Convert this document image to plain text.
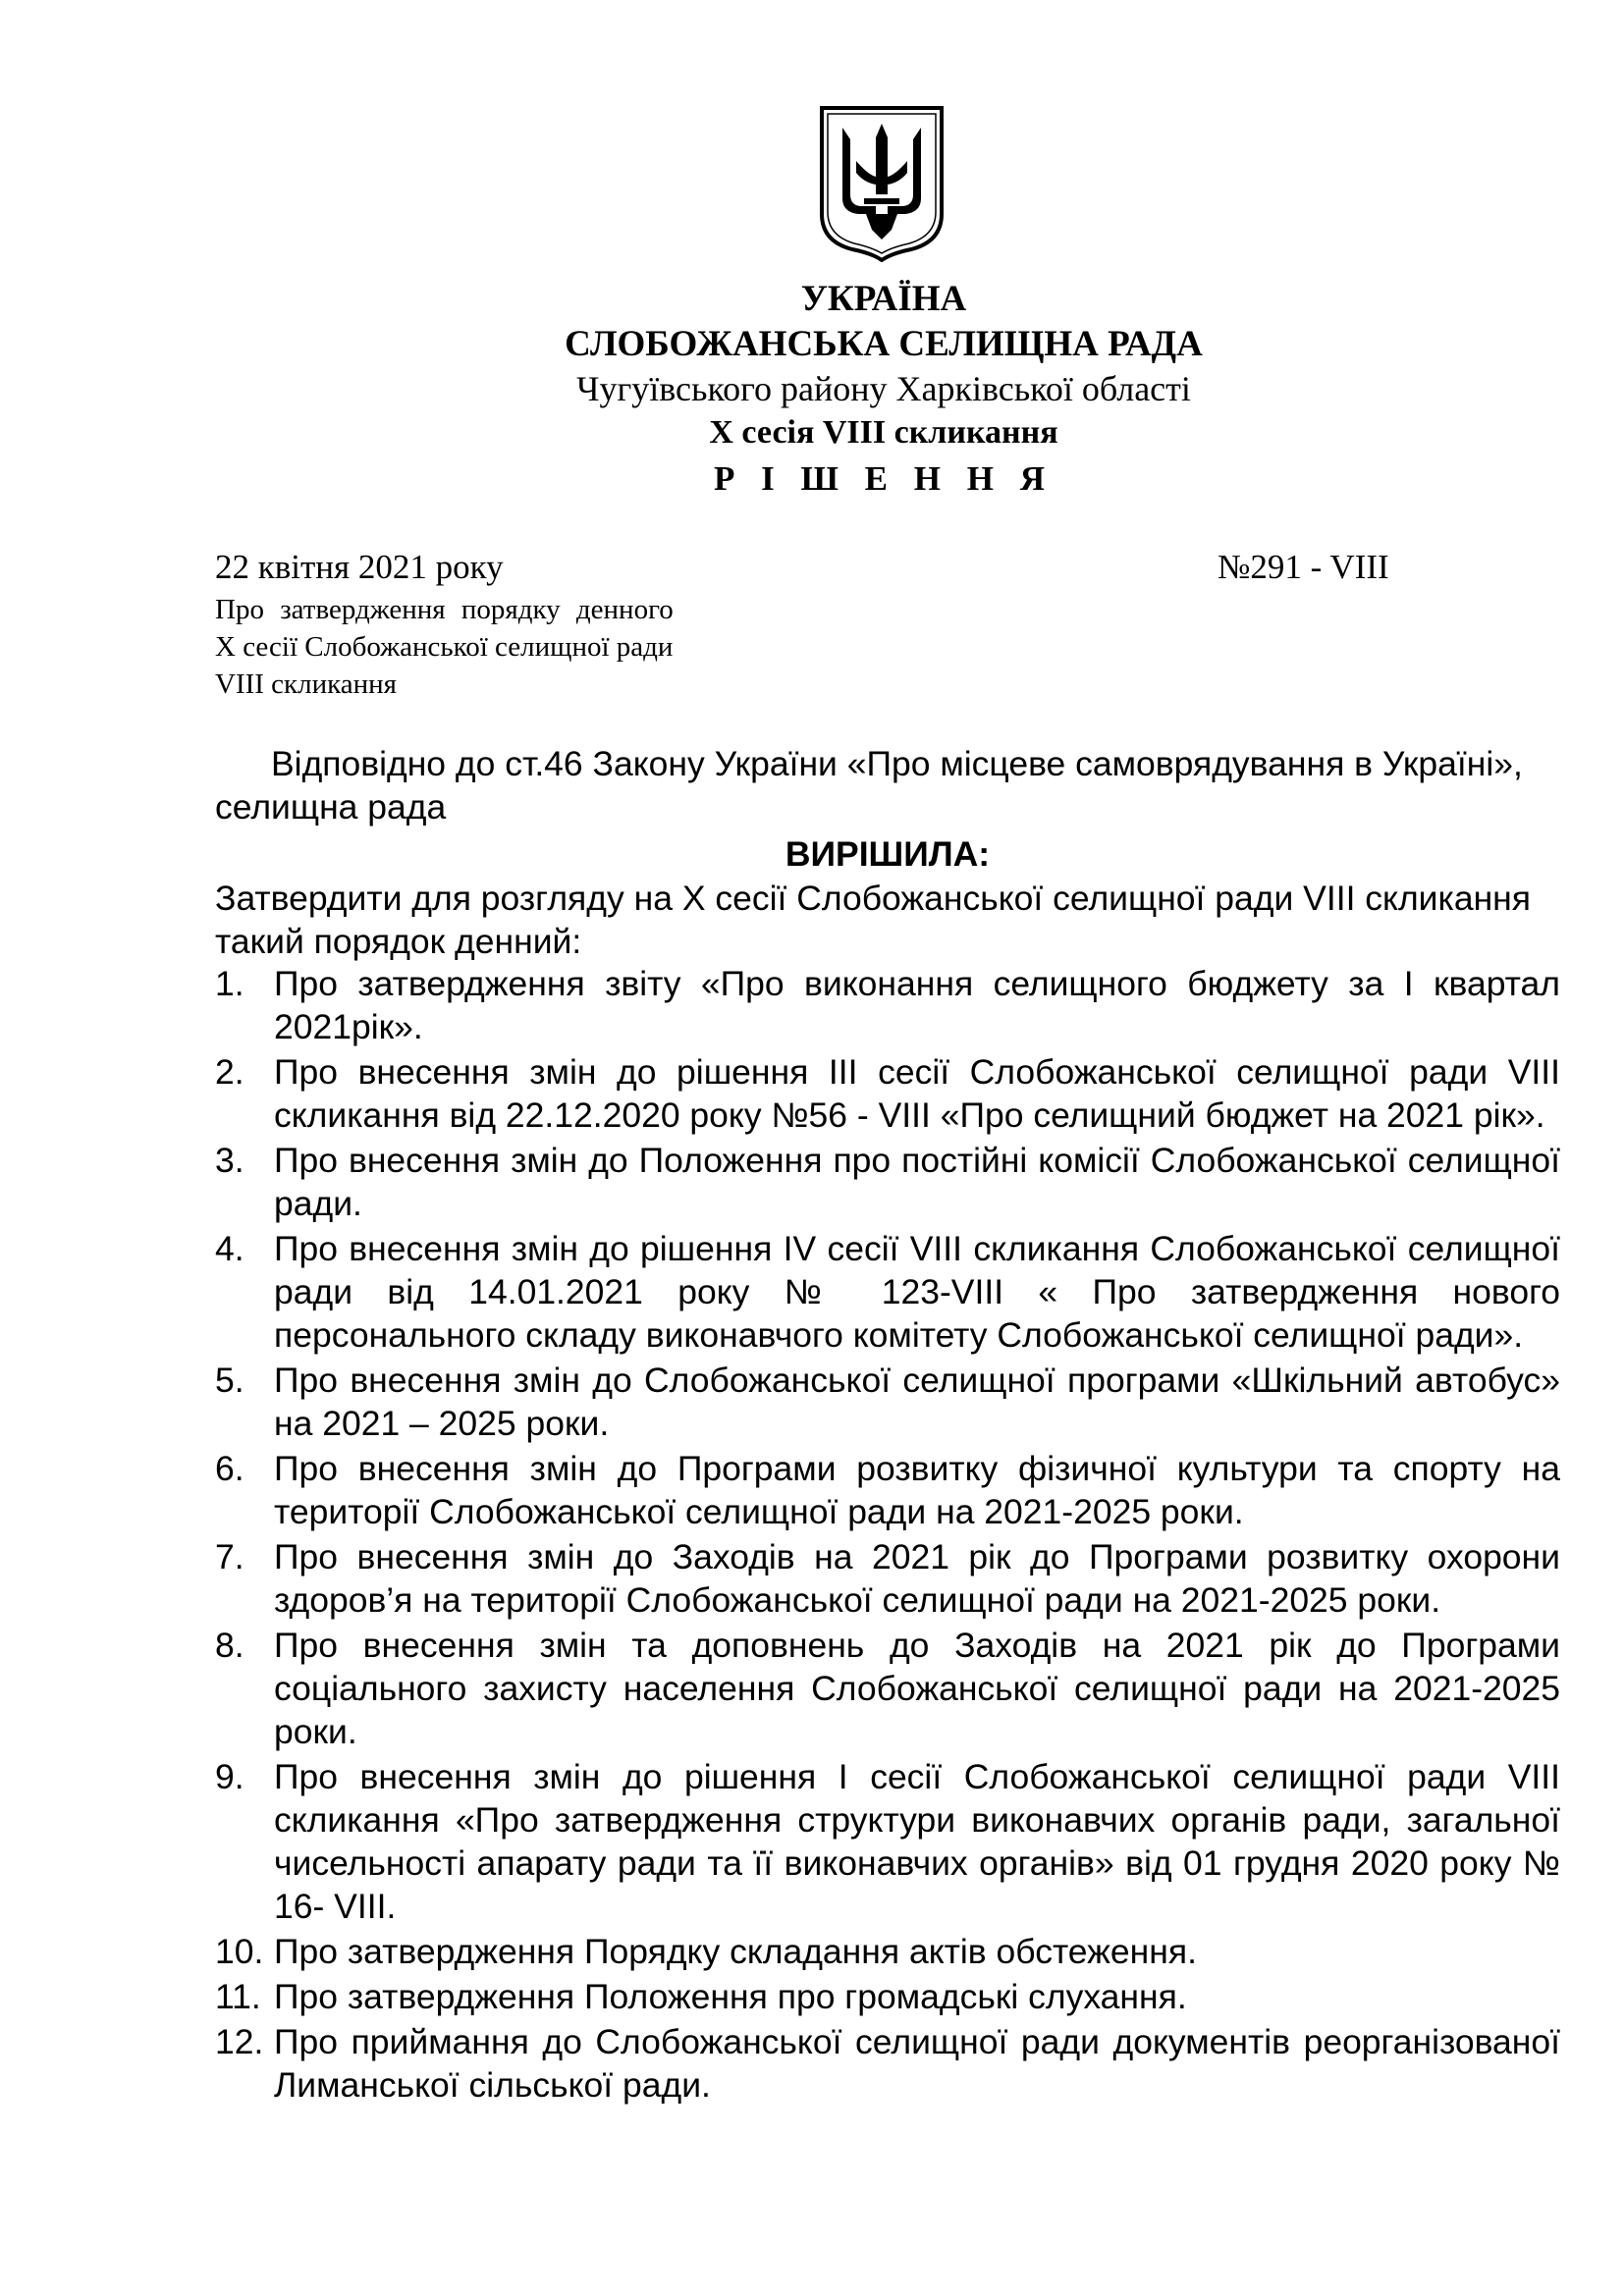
УКРАЇНА
СЛОБОЖАНСЬКА СЕЛИЩНА РАДА
Чугуївського району Харківської області
X сесія VIII скликання
Р І Ш Е Н Н Я
22 квітня 2021 року	№291 - VIII
Про затвердження порядку денного
X сесії Слобожанської селищної ради
VIII скликання
Відповідно до ст.46 Закону України «Про місцеве самоврядування в Україні», селищна рада
ВИРІШИЛА:
Затвердити для розгляду на X сесії Слобожанської селищної ради VIII скликання такий порядок денний:
1. Про затвердження звіту «Про виконання селищного бюджету за I квартал 2021рік».
2. Про внесення змін до рішення III сесії Слобожанської селищної ради VIII скликання від 22.12.2020 року №56 - VIII «Про селищний бюджет на 2021 рік».
3. Про внесення змін до Положення про постійні комісії Слобожанської селищної ради.
4. Про внесення змін до рішення IV сесії VIII скликання Слобожанської селищної ради від 14.01.2021 року № 123-VIII « Про затвердження нового персонального складу виконавчого комітету Слобожанської селищної ради».
5. Про внесення змін до Слобожанської селищної програми «Шкільний автобус» на 2021 – 2025 роки.
6. Про внесення змін до Програми розвитку фізичної культури та спорту на території Слобожанської селищної ради на 2021-2025 роки.
7. Про внесення змін до Заходів на 2021 рік до Програми розвитку охорони здоров’я на території Слобожанської селищної ради на 2021-2025 роки.
8. Про внесення змін та доповнень до Заходів на 2021 рік до Програми соціального захисту населення Слобожанської селищної ради на 2021-2025 роки.
9. Про внесення змін до рішення I сесії Слобожанської селищної ради VIII скликання «Про затвердження структури виконавчих органів ради, загальної чисельності апарату ради та її виконавчих органів» від 01 грудня 2020 року № 16- VIII.
10. Про затвердження Порядку складання актів обстеження.
11. Про затвердження Положення про громадські слухання.
12. Про приймання до Слобожанської селищної ради документів реорганізованої Лиманської сільської ради.
